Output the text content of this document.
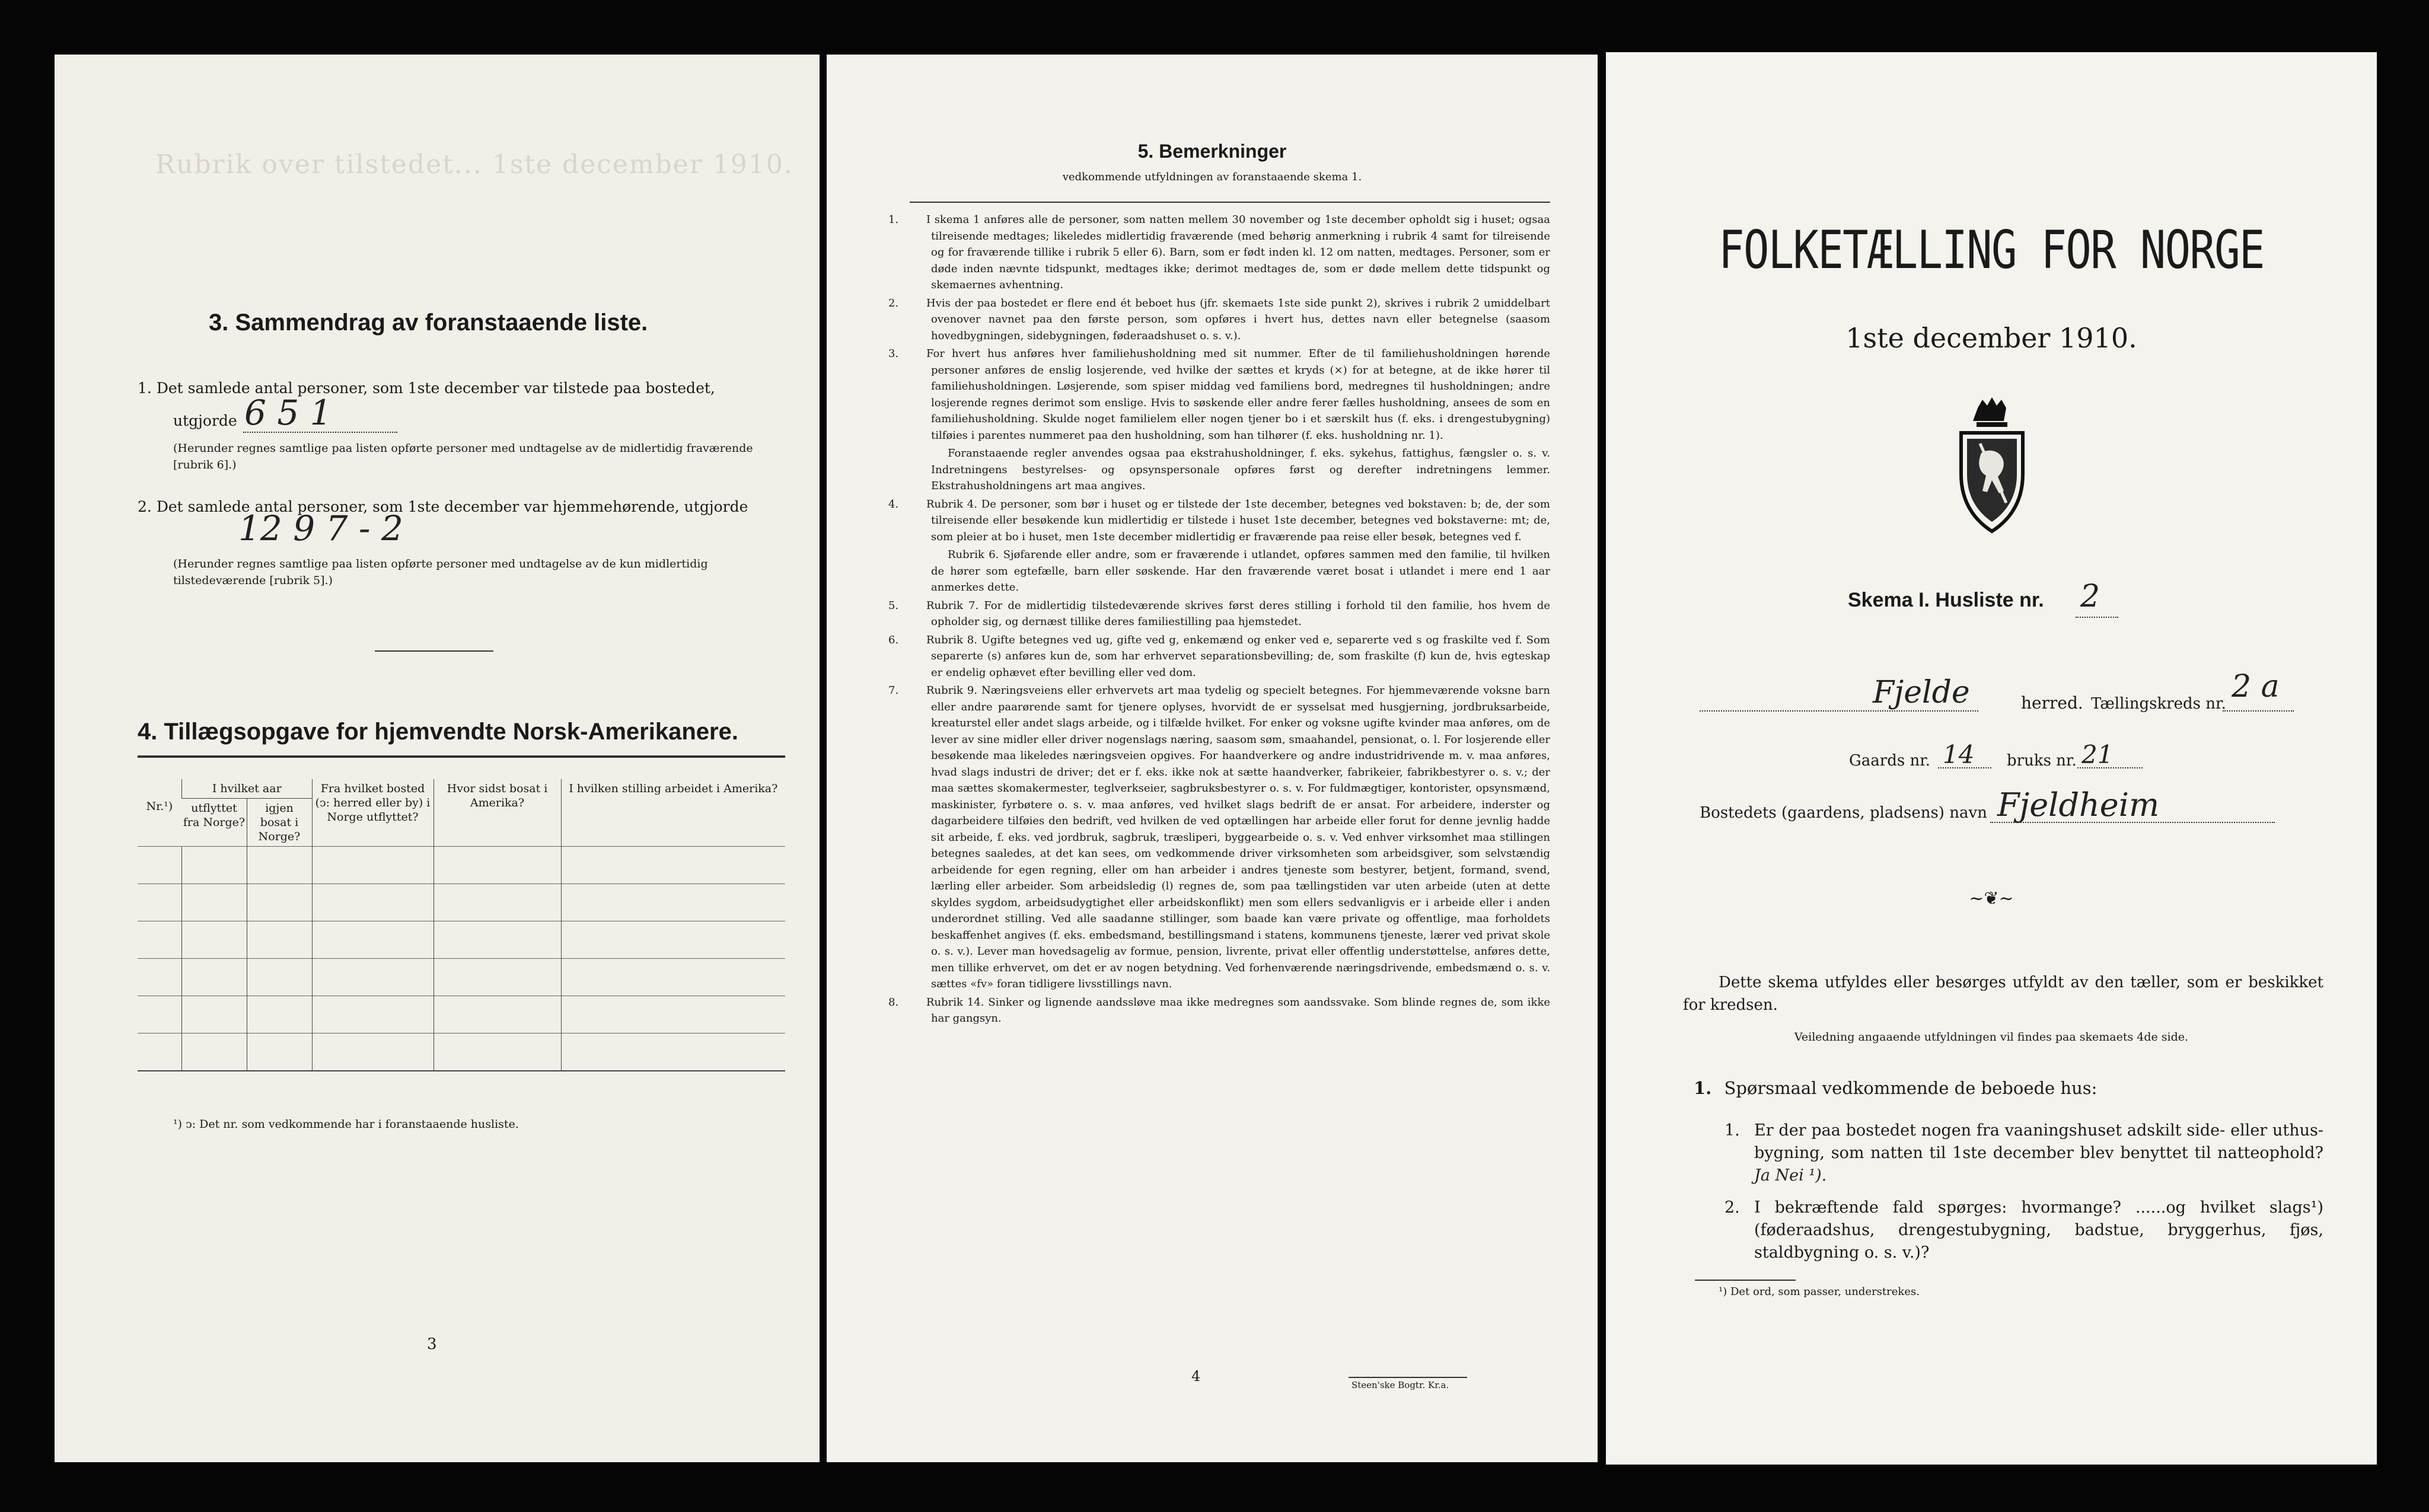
Rubrik over tilstedet... 1ste december 1910.
3. Sammendrag av foranstaaende liste.
1. Det samlede antal personer, som 1ste december var tilstede paa bostedet,
utgjorde 6 5 1
(Herunder regnes samtlige paa listen opførte personer med undtagelse av de midlertidig fraværende [rubrik 6].)
2. Det samlede antal personer, som 1ste december var hjemmehørende, utgjorde
12 9 7 - 2
(Herunder regnes samtlige paa listen opførte personer med undtagelse av de kun midlertidig tilstedeværende [rubrik 5].)
4. Tillægsopgave for hjemvendte Norsk-Amerikanere.
Nr.¹)	I hvilket aar		Fra hvilket bosted (ↄ: herred eller by) i Norge utflyttet?	Hvor sidst bosat i Amerika?	I hvilken stilling arbeidet i Amerika?
	utflyttet fra Norge?	igjen bosat i Norge?			

¹) ↄ: Det nr. som vedkommende har i foranstaaende husliste.
3
5. Bemerkninger
vedkommende utfyldningen av foranstaaende skema 1.

1.	I skema 1 anføres alle de personer, som natten mellem 30 november og 1ste december opholdt sig i huset; ogsaa tilreisende medtages; likeledes midlertidig fraværende (med behørig anmerkning i rubrik 4 samt for tilreisende og for fraværende tillike i rubrik 5 eller 6). Barn, som er født inden kl. 12 om natten, medtages. Personer, som er døde inden nævnte tidspunkt, medtages ikke; derimot medtages de, som er døde mellem dette tidspunkt og skemaernes avhentning.

2.	Hvis der paa bostedet er flere end ét beboet hus (jfr. skemaets 1ste side punkt 2), skrives i rubrik 2 umiddelbart ovenover navnet paa den første person, som opføres i hvert hus, dettes navn eller betegnelse (saasom hovedbygningen, sidebygningen, føderaadshuset o. s. v.).

3.	For hvert hus anføres hver familiehusholdning med sit nummer. Efter de til familiehusholdningen hørende personer anføres de enslig losjerende, ved hvilke der sættes et kryds (×) for at betegne, at de ikke hører til familiehusholdningen. Løsjerende, som spiser middag ved familiens bord, medregnes til husholdningen; andre losjerende regnes derimot som enslige. Hvis to søskende eller andre ferer fælles husholdning, ansees de som en familiehusholdning. Skulde noget familielem eller nogen tjener bo i et særskilt hus (f. eks. i drengestubygning) tilføies i parentes nummeret paa den husholdning, som han tilhører (f. eks. husholdning nr. 1).

Foranstaaende regler anvendes ogsaa paa ekstrahusholdninger, f. eks. sykehus, fattighus, fængsler o. s. v. Indretningens bestyrelses- og opsynspersonale opføres først og derefter indretningens lemmer. Ekstrahusholdningens art maa angives.

4.	Rubrik 4. De personer, som bør i huset og er tilstede der 1ste december, betegnes ved bokstaven: b; de, der som tilreisende eller besøkende kun midlertidig er tilstede i huset 1ste december, betegnes ved bokstaverne: mt; de, som pleier at bo i huset, men 1ste december midlertidig er fraværende paa reise eller besøk, betegnes ved f.

Rubrik 6. Sjøfarende eller andre, som er fraværende i utlandet, opføres sammen med den familie, til hvilken de hører som egtefælle, barn eller søskende. Har den fraværende været bosat i utlandet i mere end 1 aar anmerkes dette.

5.	Rubrik 7. For de midlertidig tilstedeværende skrives først deres stilling i forhold til den familie, hos hvem de opholder sig, og dernæst tillike deres familiestilling paa hjemstedet.

6.	Rubrik 8. Ugifte betegnes ved ug, gifte ved g, enkemænd og enker ved e, separerte ved s og fraskilte ved f. Som separerte (s) anføres kun de, som har erhvervet separationsbevilling; de, som fraskilte (f) kun de, hvis egteskap er endelig ophævet efter bevilling eller ved dom.

7.	Rubrik 9. Næringsveiens eller erhvervets art maa tydelig og specielt betegnes. For hjemmeværende voksne barn eller andre paarørende samt for tjenere oplyses, hvorvidt de er sysselsat med husgjerning, jordbruksarbeide, kreaturstel eller andet slags arbeide, og i tilfælde hvilket. For enker og voksne ugifte kvinder maa anføres, om de lever av sine midler eller driver nogenslags næring, saasom søm, smaahandel, pensionat, o. l. For losjerende eller besøkende maa likeledes næringsveien opgives. For haandverkere og andre industridrivende m. v. maa anføres, hvad slags industri de driver; det er f. eks. ikke nok at sætte haandverker, fabrikeier, fabrikbestyrer o. s. v.; der maa sættes skomakermester, teglverkseier, sagbruksbestyrer o. s. v. For fuldmægtiger, kontorister, opsynsmænd, maskinister, fyrbøtere o. s. v. maa anføres, ved hvilket slags bedrift de er ansat. For arbeidere, inderster og dagarbeidere tilføies den bedrift, ved hvilken de ved optællingen har arbeide eller forut for denne jevnlig hadde sit arbeide, f. eks. ved jordbruk, sagbruk, træsliperi, byggearbeide o. s. v. Ved enhver virksomhet maa stillingen betegnes saaledes, at det kan sees, om vedkommende driver virksomheten som arbeidsgiver, som selvstændig arbeidende for egen regning, eller om han arbeider i andres tjeneste som bestyrer, betjent, formand, svend, lærling eller arbeider. Som arbeidsledig (l) regnes de, som paa tællingstiden var uten arbeide (uten at dette skyldes sygdom, arbeidsudygtighet eller arbeidskonflikt) men som ellers sedvanligvis er i arbeide eller i anden underordnet stilling. Ved alle saadanne stillinger, som baade kan være private og offentlige, maa forholdets beskaffenhet angives (f. eks. embedsmand, bestillingsmand i statens, kommunens tjeneste, lærer ved privat skole o. s. v.). Lever man hovedsagelig av formue, pension, livrente, privat eller offentlig understøttelse, anføres dette, men tillike erhvervet, om det er av nogen betydning. Ved forhenværende næringsdrivende, embedsmænd o. s. v. sættes «fv» foran tidligere livsstillings navn.

8.	Rubrik 14. Sinker og lignende aandssløve maa ikke medregnes som aandssvake. Som blinde regnes de, som ikke har gangsyn.

4
Steen'ske Bogtr. Kr.a.
FOLKETÆLLING FOR NORGE
1ste december 1910.
Skema I. Husliste nr. 2
Fjelde	herred. Tællingskreds nr. 2 a
Gaards nr. 14 bruks nr. 21
Bostedets (gaardens, pladsens) navn Fjeldheim
~❦~
Dette skema utfyldes eller besørges utfyldt av den tæller, som er beskikket for kredsen.
Veiledning angaaende utfyldningen vil findes paa skemaets 4de side.
1. Spørsmaal vedkommende de beboede hus:
1. Er der paa bostedet nogen fra vaaningshuset adskilt side- eller uthus-bygning, som natten til 1ste december blev benyttet til natteophold? Ja Nei ¹).
2. I bekræftende fald spørges: hvormange? ......og hvilket slags¹) (føderaadshus, drengestubygning, badstue, bryggerhus, fjøs, staldbygning o. s. v.)?
¹) Det ord, som passer, understrekes.
